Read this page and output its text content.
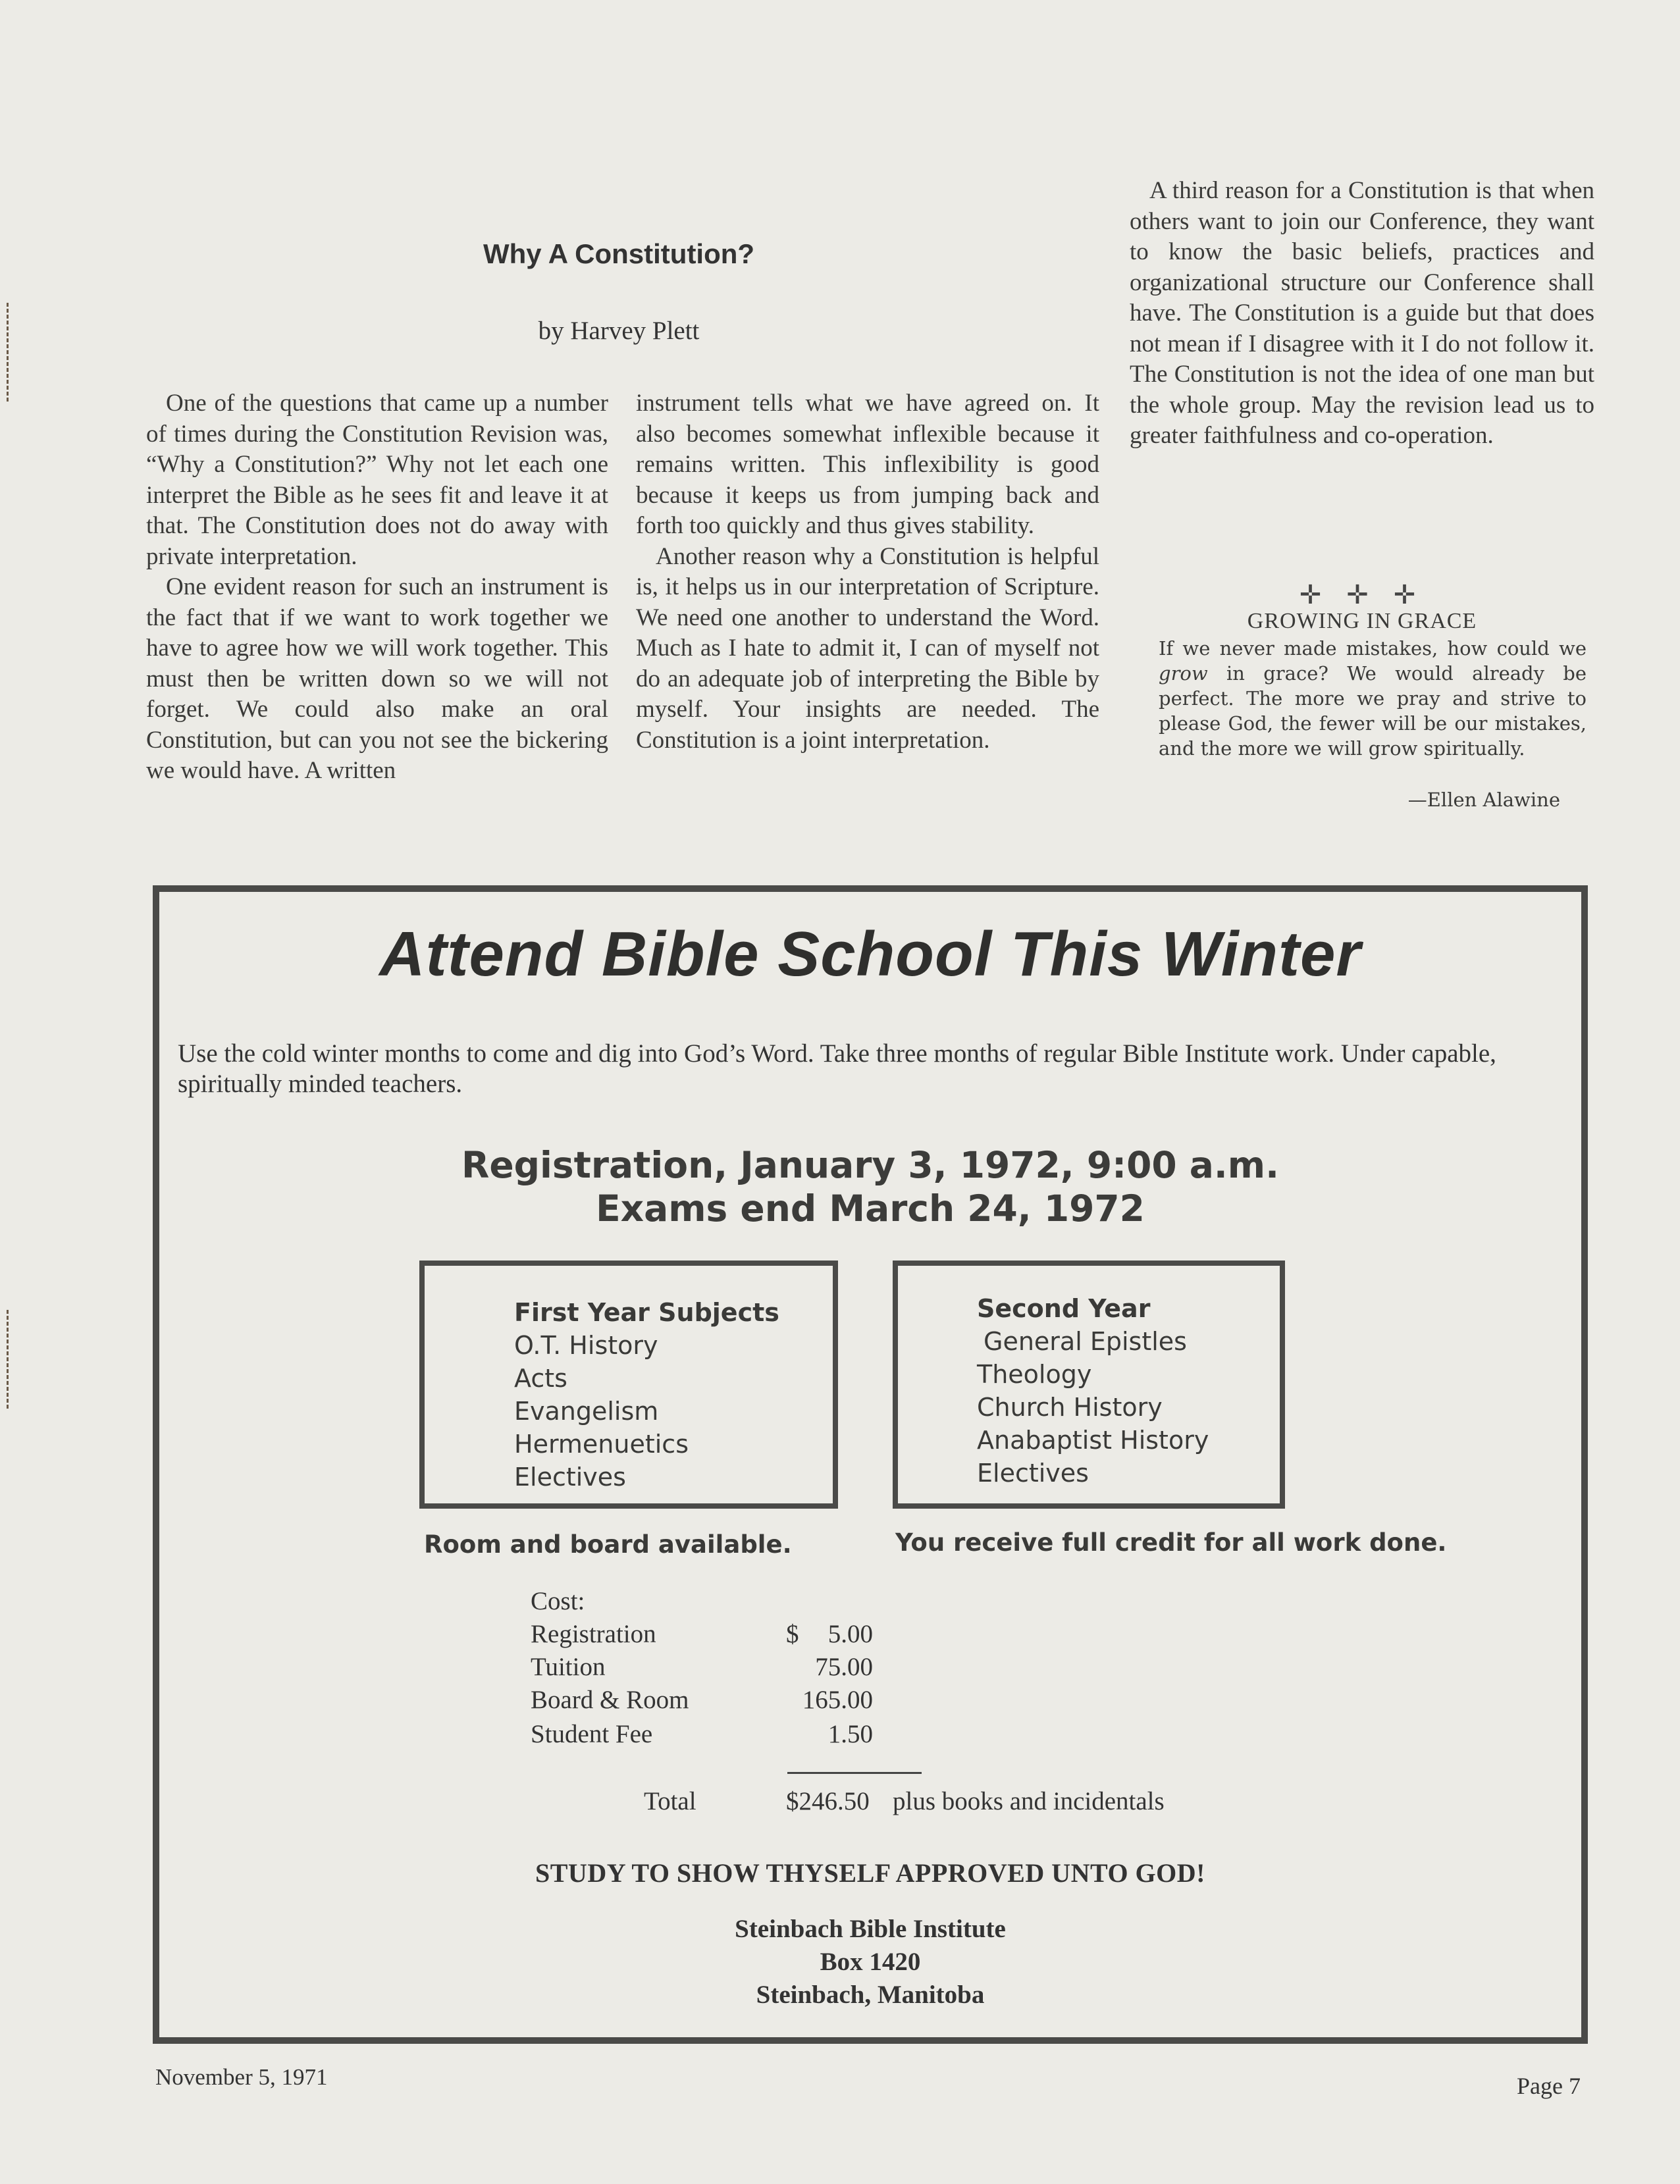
Why A Constitution?
by Harvey Plett

One of the questions that came up a number of times during the Constitution Revision was, “Why a Constitution?” Why not let each one interpret the Bible as he sees fit and leave it at that. The Constitution does not do away with private interpretation.

One evident reason for such an instrument is the fact that if we want to work together we have to agree how we will work together. This must then be written down so we will not forget. We could also make an oral Constitution, but can you not see the bickering we would have. A written

instrument tells what we have agreed on. It also becomes somewhat inflexible because it remains written. This inflexibility is good because it keeps us from jumping back and forth too quickly and thus gives stability.

Another reason why a Constitution is helpful is, it helps us in our interpretation of Scripture. We need one another to understand the Word. Much as I hate to admit it, I can of myself not do an adequate job of interpreting the Bible by myself. Your insights are needed. The Constitution is a joint interpretation.

A third reason for a Constitution is that when others want to join our Conference, they want to know the basic beliefs, practices and organizational structure our Conference shall have. The Constitution is a guide but that does not mean if I disagree with it I do not follow it. The Constitution is not the idea of one man but the whole group. May the revision lead us to greater faithfulness and co-operation.

✛ ✛ ✛
GROWING IN GRACE

If we never made mistakes, how could we grow in grace? We would already be perfect. The more we pray and strive to please God, the fewer will be our mistakes, and the more we will grow spiritually.

—Ellen Alawine
Attend Bible School This Winter

Use the cold winter months to come and dig into God’s Word. Take three months of regular Bible Institute work. Under capable, spiritually minded teachers.

Registration, January 3, 1972, 9:00 a.m.
Exams end March 24, 1972
First Year Subjects
O.T. History
Acts
Evangelism
Hermenuetics
Electives
Second Year
General Epistles
Theology
Church History
Anabaptist History
Electives
Room and board available.	You receive full credit for all work done.
Cost:
Registration	$ 5.00
Tuition	75.00
Board & Room	165.00
Student Fee	1.50
Total	$246.50 plus books and incidentals
STUDY TO SHOW THYSELF APPROVED UNTO GOD!
Steinbach Bible Institute
Box 1420
Steinbach, Manitoba
November 5, 1971	Page 7
